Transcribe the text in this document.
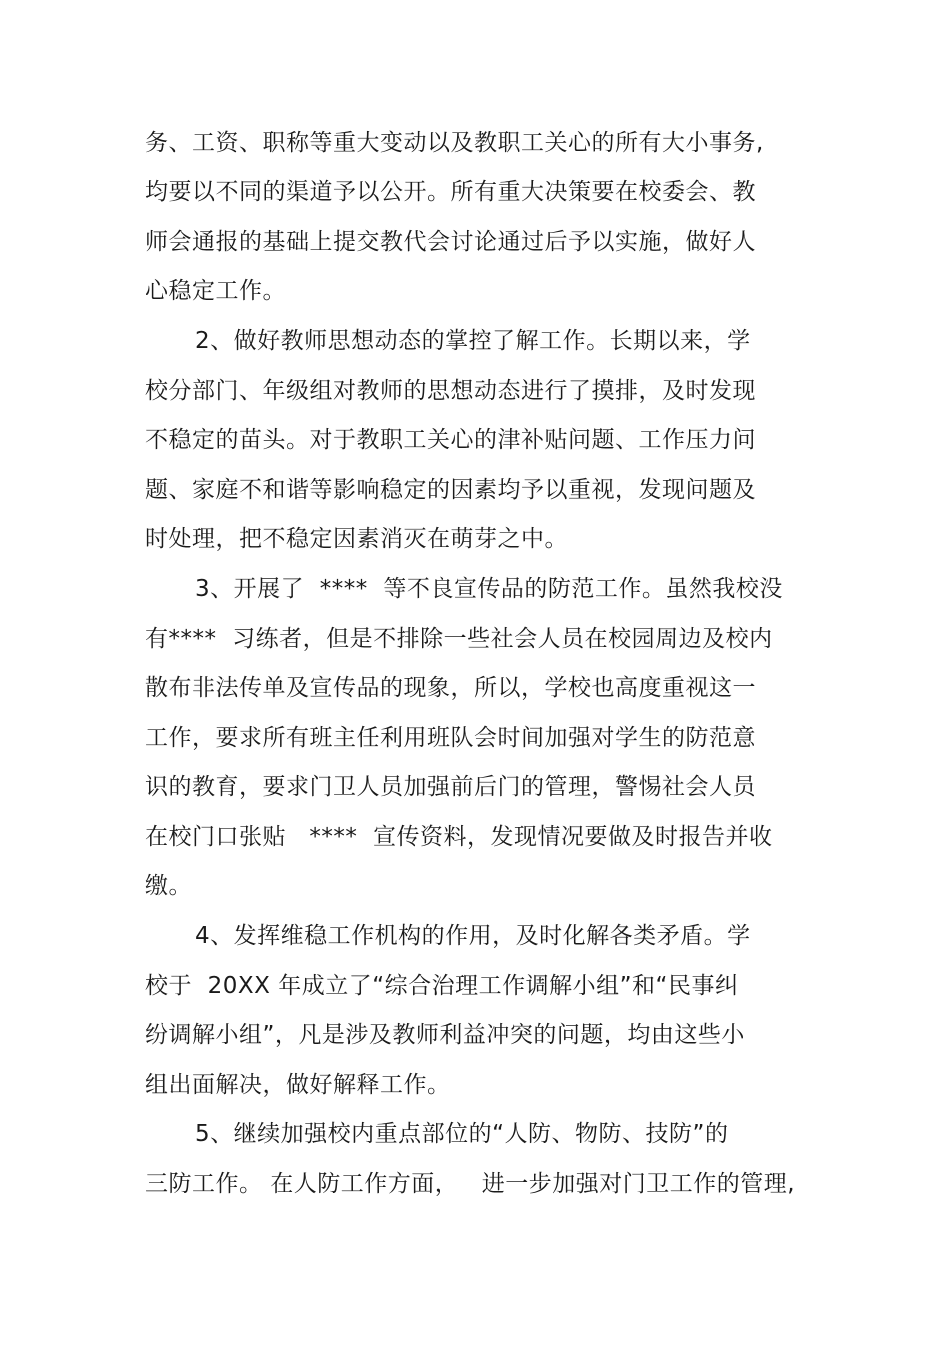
务、工资、职称等重大变动以及教职工关心的所有大小事务,
均要以不同的渠道予以公开。所有重大决策要在校委会、教
师会通报的基础上提交教代会讨论通过后予以实施，做好人
心稳定工作。
2、做好教师思想动态的掌控了解工作。长期以来，学
校分部门、年级组对教师的思想动态进行了摸排，及时发现
不稳定的苗头。对于教职工关心的津补贴问题、工作压力问
题、家庭不和谐等影响稳定的因素均予以重视，发现问题及
时处理，把不稳定因素消灭在萌芽之中。
3、开展了  ****  等不良宣传品的防范工作。虽然我校没
有****  习练者，但是不排除一些社会人员在校园周边及校内
散布非法传单及宣传品的现象，所以，学校也高度重视这一
工作，要求所有班主任利用班队会时间加强对学生的防范意
识的教育，要求门卫人员加强前后门的管理，警惕社会人员
在校门口张贴   ****  宣传资料，发现情况要做及时报告并收
缴。
4、发挥维稳工作机构的作用，及时化解各类矛盾。学
校于  20XX 年成立了“综合治理工作调解小组”和“民事纠
纷调解小组”，凡是涉及教师利益冲突的问题，均由这些小
组出面解决，做好解释工作。
5、继续加强校内重点部位的“人防、物防、技防”的
三防工作。 在人防工作方面，   进一步加强对门卫工作的管理,
